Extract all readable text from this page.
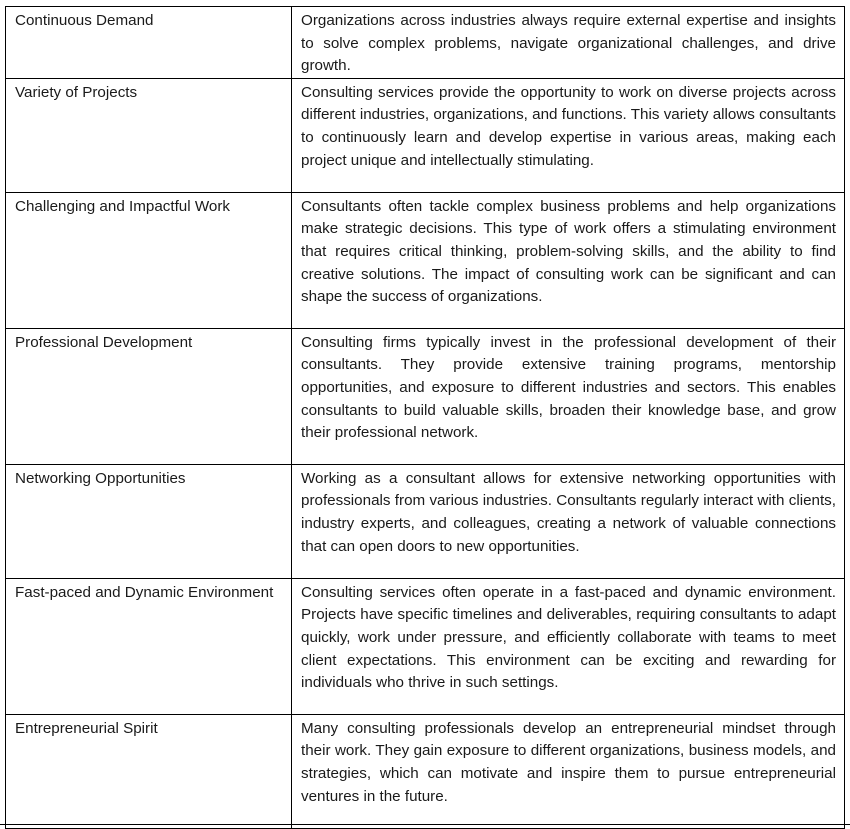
Continuous Demand	Organizations across industries always require external expertise and insights to solve complex problems, navigate organizational challenges, and drive growth.
Variety of Projects	Consulting services provide the opportunity to work on diverse projects across different industries, organizations, and functions. This variety allows consultants to continuously learn and develop expertise in various areas, making each project unique and intellectually stimulating.
Challenging and Impactful Work	Consultants often tackle complex business problems and help organizations make strategic decisions. This type of work offers a stimulating environment that requires critical thinking, problem-solving skills, and the ability to find creative solutions. The impact of consulting work can be significant and can shape the success of organizations.
Professional Development	Consulting firms typically invest in the professional development of their consultants. They provide extensive training programs, mentorship opportunities, and exposure to different industries and sectors. This enables consultants to build valuable skills, broaden their knowledge base, and grow their professional network.
Networking Opportunities	Working as a consultant allows for extensive networking opportunities with professionals from various industries. Consultants regularly interact with clients, industry experts, and colleagues, creating a network of valuable connections that can open doors to new opportunities.
Fast-paced and Dynamic Environment	Consulting services often operate in a fast-paced and dynamic environment. Projects have specific timelines and deliverables, requiring consultants to adapt quickly, work under pressure, and efficiently collaborate with teams to meet client expectations. This environment can be exciting and rewarding for individuals who thrive in such settings.
Entrepreneurial Spirit	Many consulting professionals develop an entrepreneurial mindset through their work. They gain exposure to different organizations, business models, and strategies, which can motivate and inspire them to pursue entrepreneurial ventures in the future.
